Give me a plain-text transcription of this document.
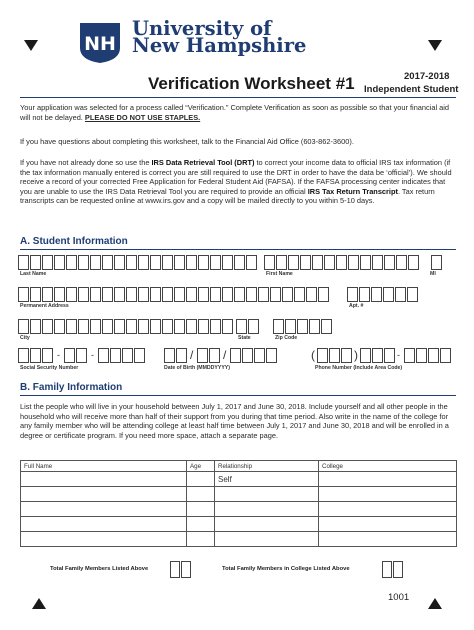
NH
University of
New Hampshire
Verification Worksheet #1	2017-2018
Independent Student

Your application was selected for a process called “Verification.” Complete Verification as soon as possible so that your financial aid will not be delayed. PLEASE DO NOT USE STAPLES.

If you have questions about completing this worksheet, talk to the Financial Aid Office (603-862-3600).

If you have not already done so use the IRS Data Retrieval Tool (DRT) to correct your income data to official IRS tax information (if the tax information manually entered is correct you are still required to use the DRT in order to have the data be ‘official’). We should receive a record of your corrected Free Application for Federal Student Aid (FAFSA). If the FAFSA processing center indicates that you are unable to use the IRS Data Retrieval Tool you are required to provide an official IRS Tax Return Transcript. Tax return transcripts can be requested online at www.irs.gov and a copy will be mailed directly to you within 5-10 days.

A. Student Information
Last Name	First Name	MI
Permanent Address	Apt. #
City	State	Zip Code
-	-	/ /	(	)	-
Social Security Number	Date of Birth (MMDDYYYY)	Phone Number (Include Area Code)
B. Family Information

List the people who will live in your household between July 1, 2017 and June 30, 2018. Include yourself and all other people in the household who will receive more than half of their support from you during that time period. Also write in the name of the college for any family member who will be attending college at least half time between July 1, 2017 and June 30, 2018 and will be enrolled in a degree or certificate program. If you need more space, attach a separate page.

Full Name	Age	Relationship	College
		Self	

Total Family Members Listed Above	Total Family Members in College Listed Above
1001
